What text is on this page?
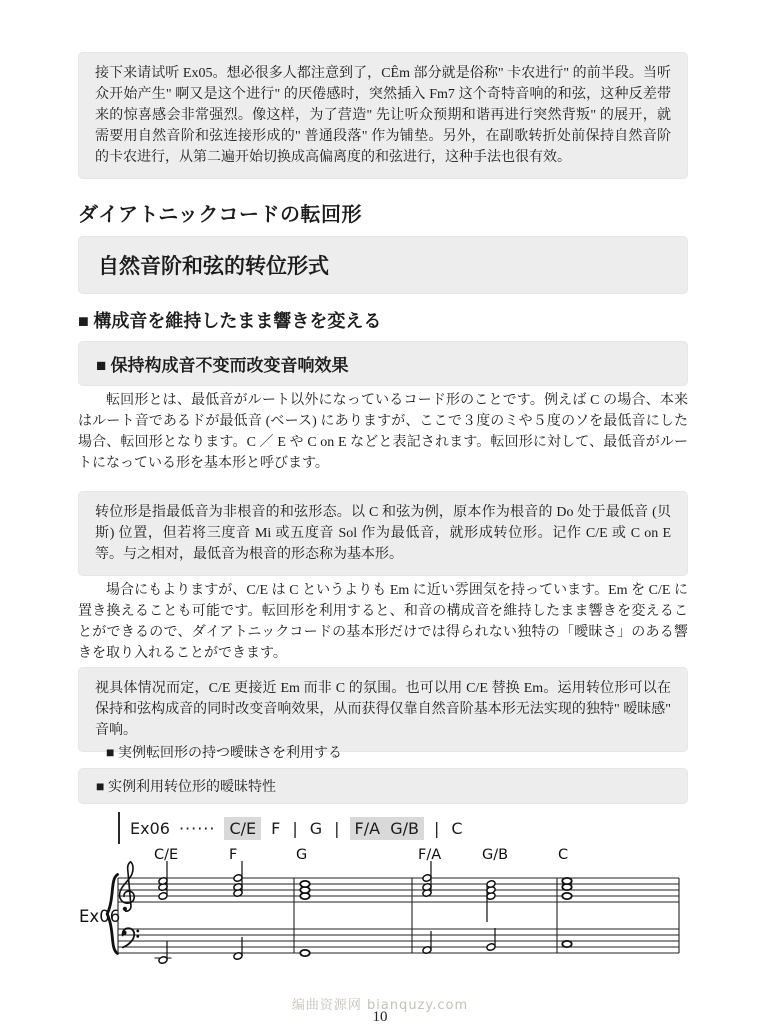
接下来请试听 Ex05。想必很多人都注意到了，CÊm 部分就是俗称" 卡农进行" 的前半段。当听众开始产生" 啊又是这个进行" 的厌倦感时，突然插入 Fm7 这个奇特音响的和弦，这种反差带来的惊喜感会非常强烈。像这样，为了营造" 先让听众预期和谐再进行突然背叛" 的展开，就需要用自然音阶和弦连接形成的" 普通段落" 作为铺垫。另外，在副歌转折处前保持自然音阶的卡农进行，从第二遍开始切换成高偏离度的和弦进行，这种手法也很有效。
ダイアトニックコードの転回形
自然音阶和弦的转位形式
■ 構成音を維持したまま響きを変える
■ 保持构成音不变而改变音响效果

転回形とは、最低音がルート以外になっているコード形のことです。例えば C の場合、本来はルート音であるドが最低音 (ベース) にありますが、ここで３度のミや５度のソを最低音にした場合、転回形となります。C ／ E や C on E などと表記されます。転回形に対して、最低音がルートになっている形を基本形と呼びます。

转位形是指最低音为非根音的和弦形态。以 C 和弦为例，原本作为根音的 Do 处于最低音 (贝斯) 位置，但若将三度音 Mi 或五度音 Sol 作为最低音，就形成转位形。记作 C/E 或 C on E 等。与之相对，最低音为根音的形态称为基本形。

場合にもよりますが、C/E は C というよりも Em に近い雰囲気を持っています。Em を C/E に置き換えることも可能です。転回形を利用すると、和音の構成音を維持したまま響きを変えることができるので、ダイアトニックコードの基本形だけでは得られない独特の「曖昧さ」のある響きを取り入れることができます。

视具体情况而定，C/E 更接近 Em 而非 C 的氛围。也可以用 C/E 替换 Em。运用转位形可以在保持和弦构成音的同时改变音响效果，从而获得仅靠自然音阶基本形无法实现的独特" 暧昧感" 音响。
■ 実例転回形の持つ曖昧さを利用する
■ 实例利用转位形的暧昧特性
Ex06 ······ C/E F | G | F/A  G/B | C
Ex06
C/E	F	G	F/A	G/B	C
编曲资源网 bianquzy.com
10
